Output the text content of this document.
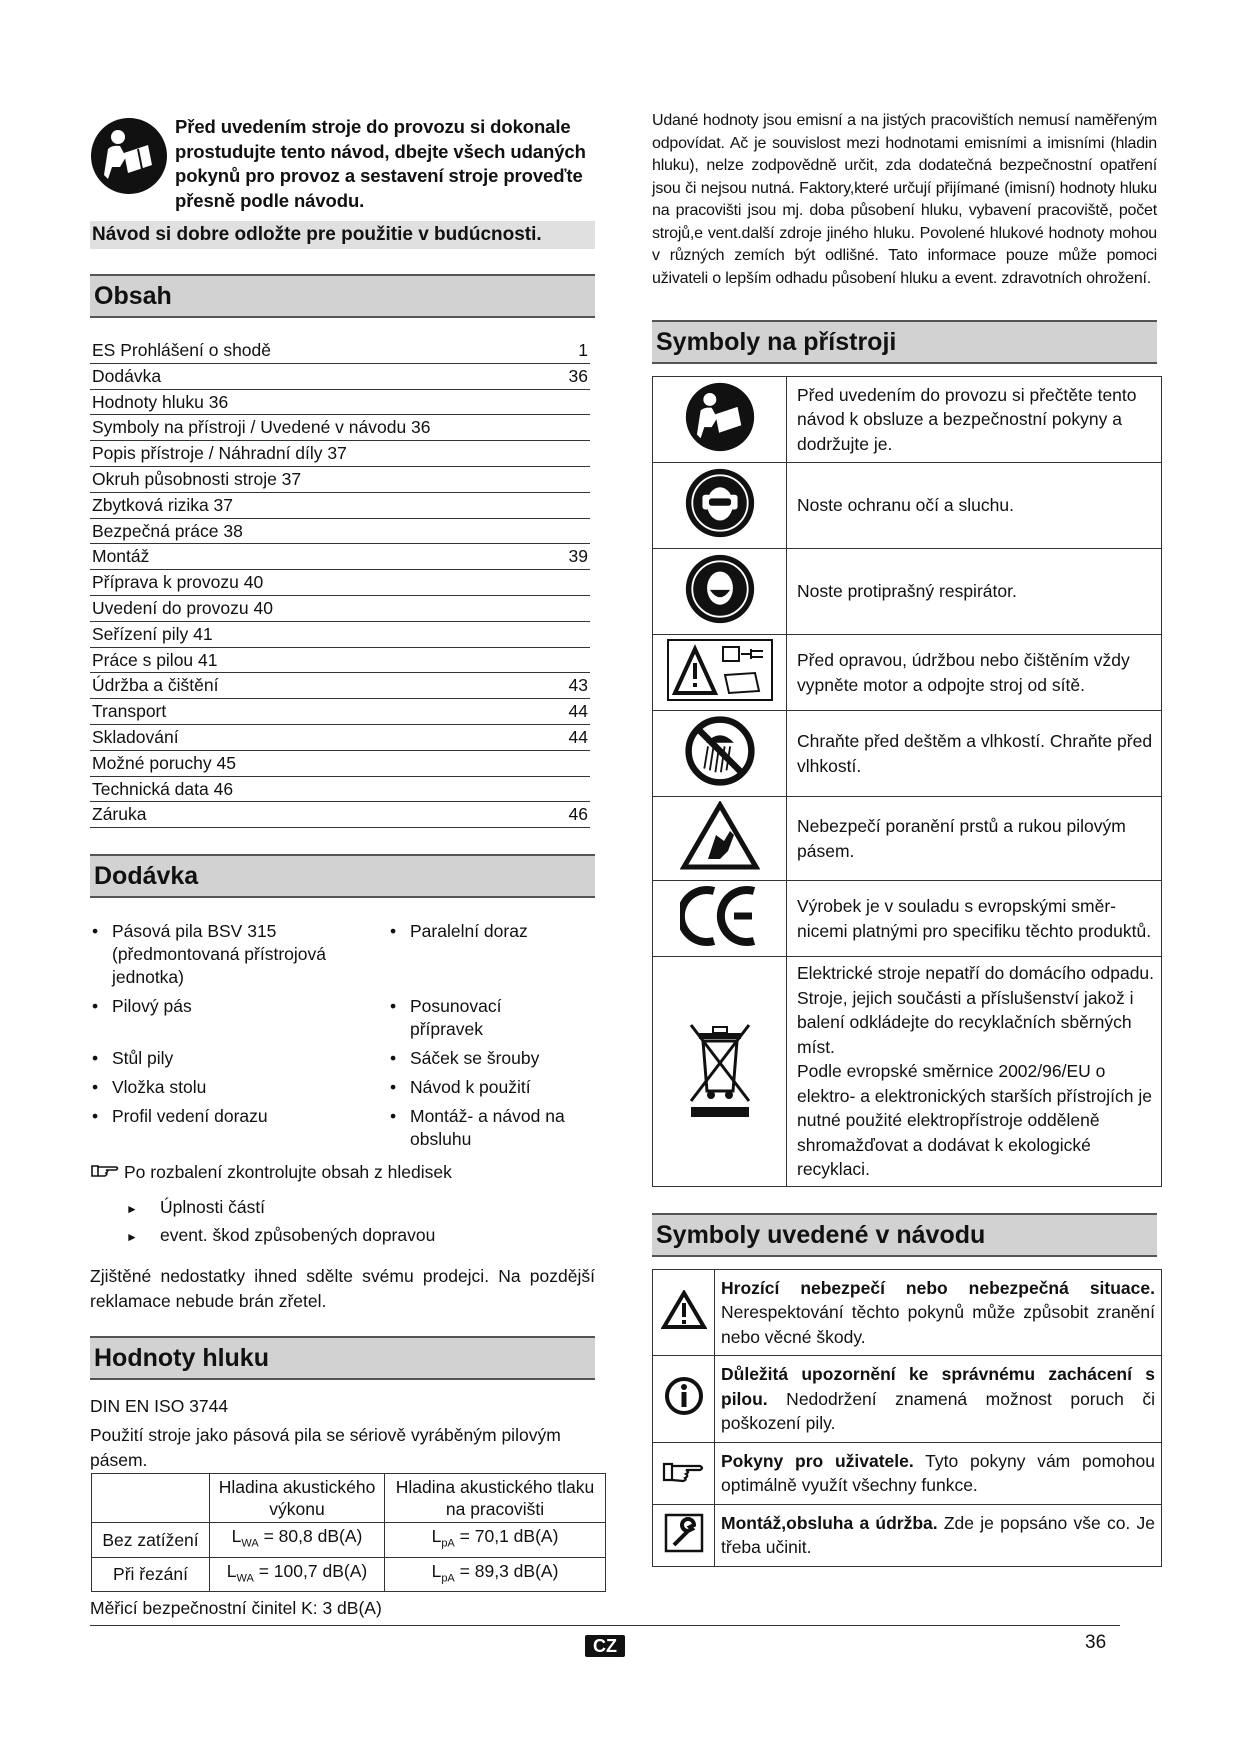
Před uvedením stroje do provozu si dokonale prostudujte tento návod, dbejte všech udaných pokynů pro provoz a sestavení stroje proveďte přesně podle návodu.

Návod si dobre odložte pre použitie v budúcnosti.
Obsah
ES Prohlášení o shodě	1
Dodávka	36
Hodnoty hluku 36
Symboly na přístroji / Uvedené v návodu 36
Popis přístroje / Náhradní díly 37
Okruh působnosti stroje 37
Zbytková rizika 37
Bezpečná práce 38
Montáž	39
Příprava k provozu 40
Uvedení do provozu 40
Seřízení pily 41
Práce s pilou 41
Údržba a čištění	43
Transport	44
Skladování	44
Možné poruchy 45
Technická data 46
Záruka	46
Dodávka
• Pásová pila BSV 315
(předmontovaná přístrojová
jednotka)
• Paralelní doraz
• Pilový pás	• Posunovací
přípravek
• Stůl pily	• Sáček se šrouby
• Vložka stolu	• Návod k použití
• Profil vedení dorazu	• Montáž- a návod na
obsluhu
Po rozbalení zkontrolujte obsah z hledisek
►	Úplnosti částí
►	event. škod způsobených dopravou
Zjištěné nedostatky ihned sdělte svému prodejci. Na pozdější reklamace nebude brán zřetel.
Hodnoty hluku
DIN EN ISO 3744
Použití stroje jako pásová pila se sériově vyráběným pilovým pásem.
	Hladina akustického výkonu	Hladina akustického tlaku na pracovišti
Bez zatížení	$L_{WA} = 80,8$ dB(A)	$L_{pA} = 70,1$ dB(A)
Při řezání	$L_{WA} = 100,7$ dB(A)	$L_{pA} = 89,3$ dB(A)
Měřicí bezpečnostní činitel K: 3 dB(A)
Udané hodnoty jsou emisní a na jistých pracovištích nemusí naměřeným odpovídat. Ač je souvislost mezi hodnotami emisními a imisními (hladin hluku), nelze zodpovědně určit, zda dodatečná bezpečnostní opatření jsou či nejsou nutná. Faktory,které určují přijímané (imisní) hodnoty hluku na pracovišti jsou mj. doba působení hluku, vybavení pracoviště, počet strojů,e vent.další zdroje jiného hluku. Povolené hlukové hodnoty mohou v různých zemích být odlišné. Tato informace pouze může pomoci uživateli o lepším odhadu působení hluku a event. zdravotních ohrožení.
Symboly na přístroji
	Před uvedením do provozu si přečtěte tento návod k obsluze a bezpečnostní pokyny a dodržujte je.
	Noste ochranu očí a sluchu.
	Noste protiprašný respirátor.
	Před opravou, údržbou nebo čištěním vždy vypněte motor a odpojte stroj od sítě.
	Chraňte před deštěm a vlhkostí. Chraňte před vlhkostí.
	Nebezpečí poranění prstů a rukou pilovým pásem.
	Výrobek je v souladu s evropskými směr-
nicemi platnými pro specifiku těchto produktů.
	Elektrické stroje nepatří do domácího odpadu. Stroje, jejich součásti a příslušenství jakož i balení odkládejte do recyklačních sběrných míst.
Podle evropské směrnice 2002/96/EU o elektro- a elektronických starších přístrojích je nutné použité elektropřístroje odděleně shromažďovat a dodávat k ekologické recyklaci.
Symboly uvedené v návodu
	Hrozící nebezpečí nebo nebezpečná situace. Nerespektování těchto pokynů může způsobit zranění nebo věcné škody.
	Důležitá upozornění ke správnému zachácení s pilou. Nedodržení znamená možnost poruch či poškození pily.
	Pokyny pro uživatele. Tyto pokyny vám pomohou optimálně využít všechny funkce.
	Montáž,obsluha a údržba. Zde je popsáno vše co. Je třeba učinit.
CZ	36
